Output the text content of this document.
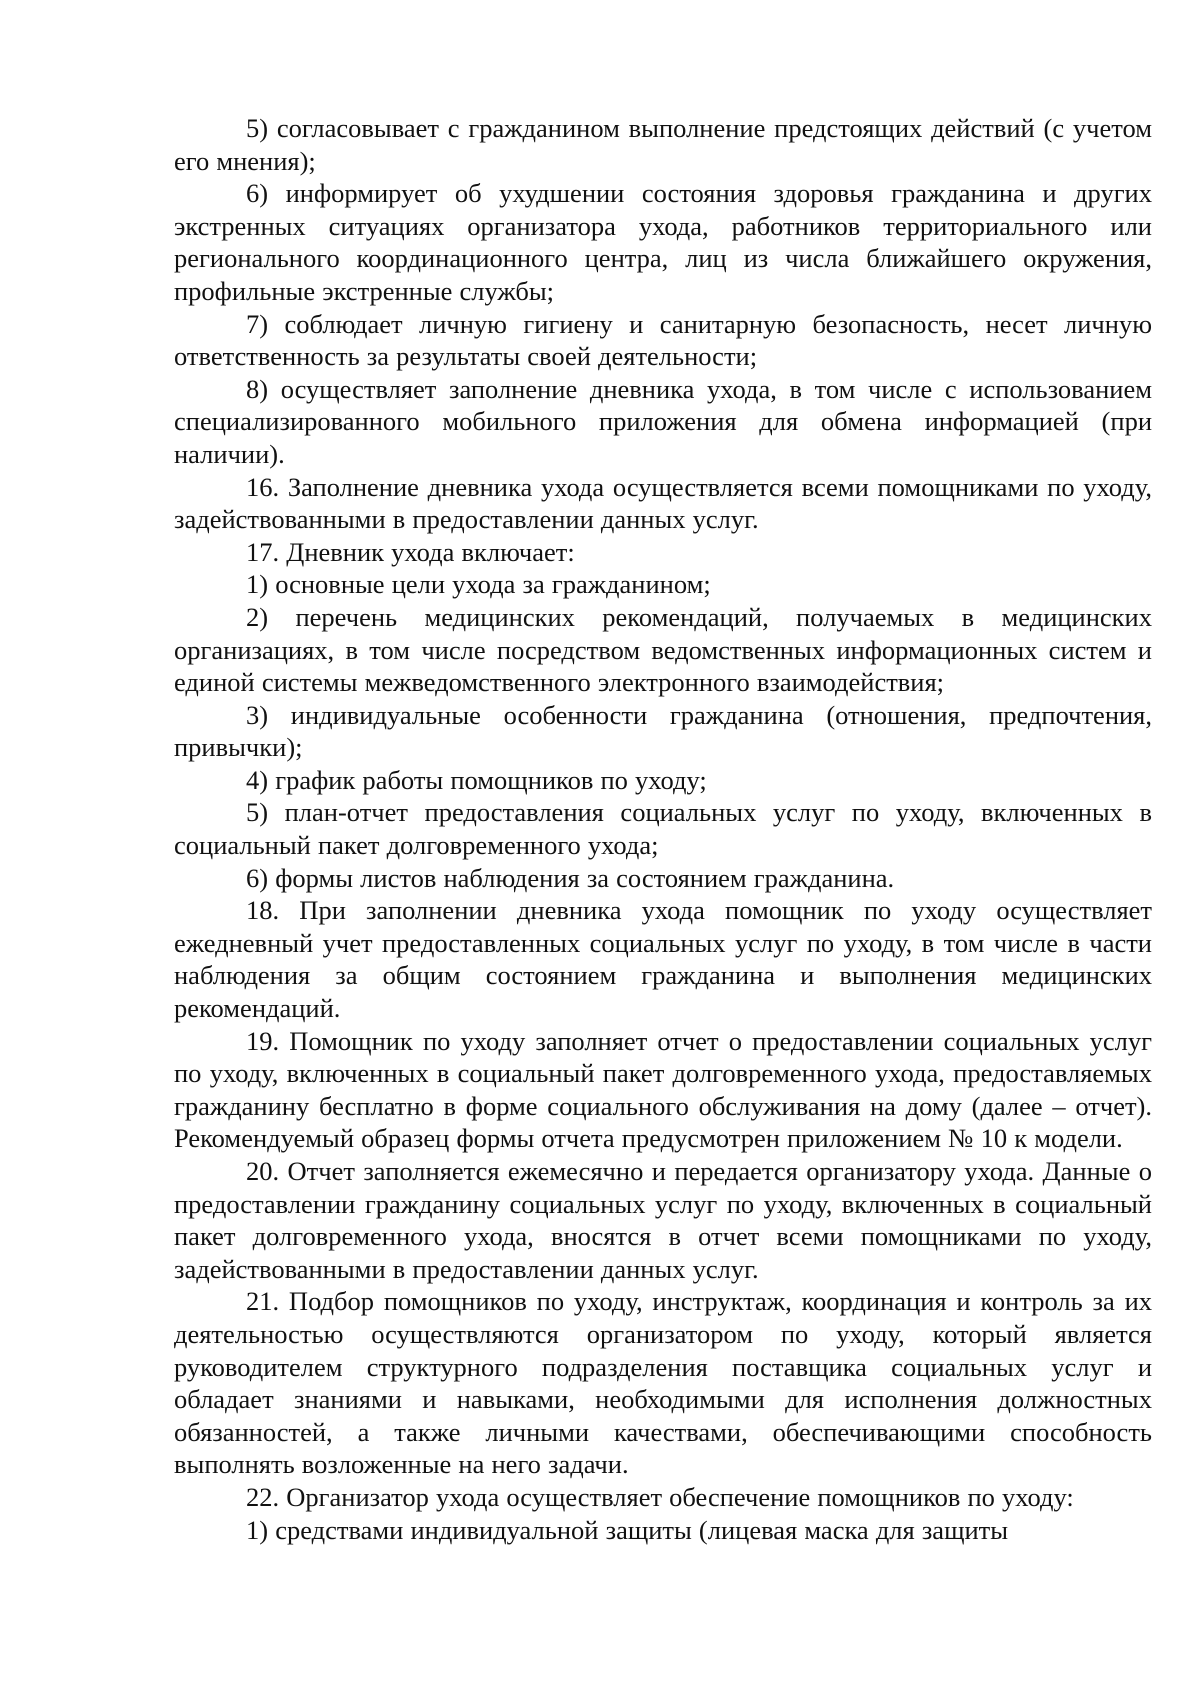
5) согласовывает с гражданином выполнение предстоящих действий (с учетом его мнения);

6) информирует об ухудшении состояния здоровья гражданина и других экстренных ситуациях организатора ухода, работников территориального или регионального координационного центра, лиц из числа ближайшего окружения, профильные экстренные службы;

7) соблюдает личную гигиену и санитарную безопасность, несет личную ответственность за результаты своей деятельности;

8) осуществляет заполнение дневника ухода, в том числе с использованием специализированного мобильного приложения для обмена информацией (при наличии).

16. Заполнение дневника ухода осуществляется всеми помощниками по уходу, задействованными в предоставлении данных услуг.

17. Дневник ухода включает:

1) основные цели ухода за гражданином;

2) перечень медицинских рекомендаций, получаемых в медицинских организациях, в том числе посредством ведомственных информационных систем и единой системы межведомственного электронного взаимодействия;

3) индивидуальные особенности гражданина (отношения, предпочтения, привычки);

4) график работы помощников по уходу;

5) план-отчет предоставления социальных услуг по уходу, включенных в социальный пакет долговременного ухода;

6) формы листов наблюдения за состоянием гражданина.

18. При заполнении дневника ухода помощник по уходу осуществляет ежедневный учет предоставленных социальных услуг по уходу, в том числе в части наблюдения за общим состоянием гражданина и выполнения медицинских рекомендаций.

19. Помощник по уходу заполняет отчет о предоставлении социальных услуг по уходу, включенных в социальный пакет долговременного ухода, предоставляемых гражданину бесплатно в форме социального обслуживания на дому (далее – отчет). Рекомендуемый образец формы отчета предусмотрен приложением № 10 к модели.

20. Отчет заполняется ежемесячно и передается организатору ухода. Данные о предоставлении гражданину социальных услуг по уходу, включенных в социальный пакет долговременного ухода, вносятся в отчет всеми помощниками по уходу, задействованными в предоставлении данных услуг.

21. Подбор помощников по уходу, инструктаж, координация и контроль за их деятельностью осуществляются организатором по уходу, который является руководителем структурного подразделения поставщика социальных услуг и обладает знаниями и навыками, необходимыми для исполнения должностных обязанностей, а также личными качествами, обеспечивающими способность выполнять возложенные на него задачи.

22. Организатор ухода осуществляет обеспечение помощников по уходу:

1) средствами индивидуальной защиты (лицевая маска для защиты
